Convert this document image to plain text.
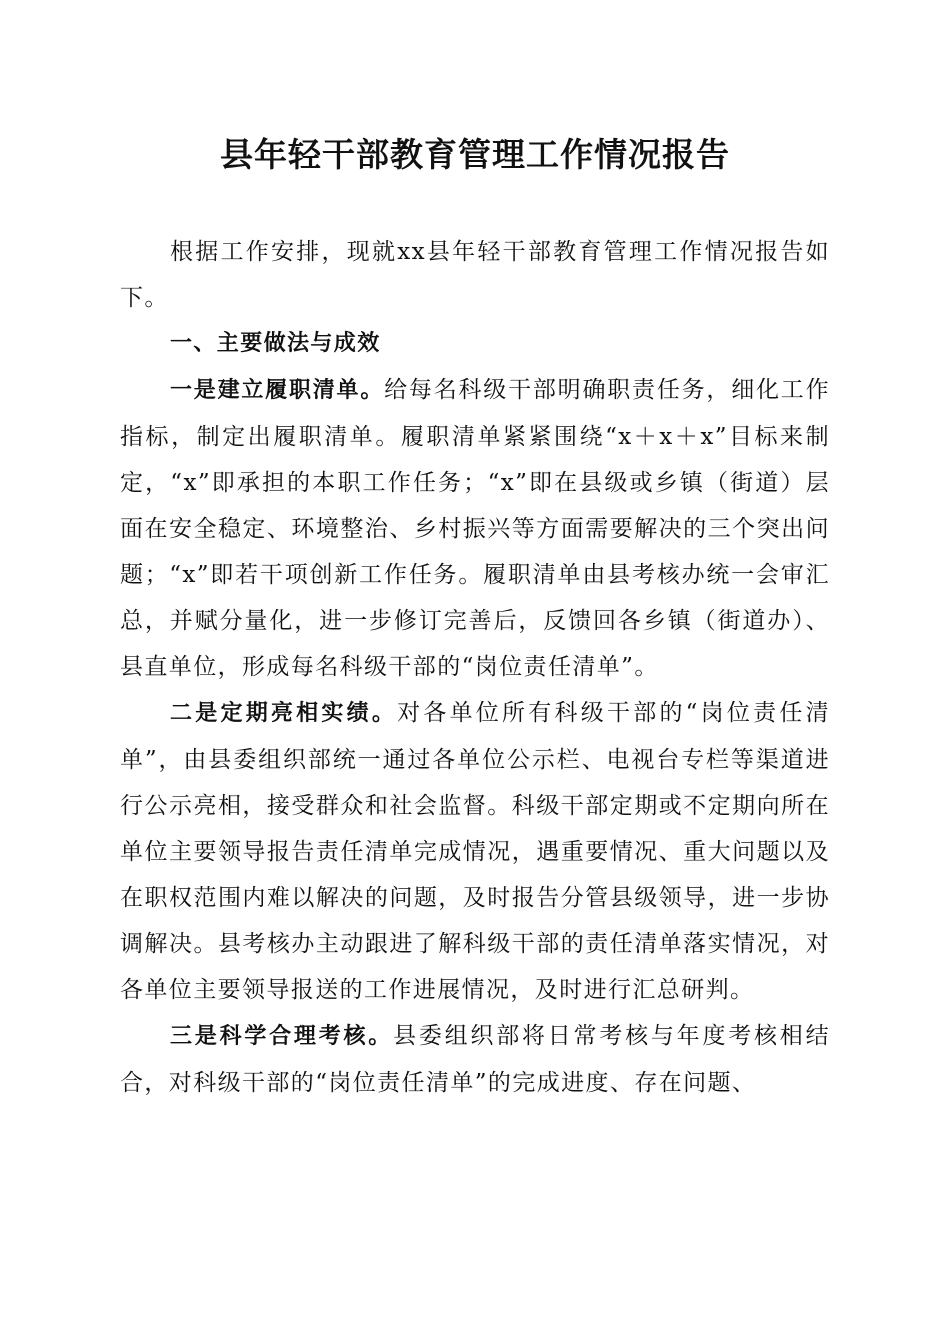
县年轻干部教育管理工作情况报告

根据工作安排，现就xx县年轻干部教育管理工作情况报告如下。

一、主要做法与成效

一是建立履职清单。给每名科级干部明确职责任务，细化工作指标，制定出履职清单。履职清单紧紧围绕“x＋x＋x”目标来制定，“x”即承担的本职工作任务；“x”即在县级或乡镇（街道）层面在安全稳定、环境整治、乡村振兴等方面需要解决的三个突出问题；“x”即若干项创新工作任务。履职清单由县考核办统一会审汇总，并赋分量化，进一步修订完善后，反馈回各乡镇（街道办）、县直单位，形成每名科级干部的“岗位责任清单”。

二是定期亮相实绩。对各单位所有科级干部的“岗位责任清单”，由县委组织部统一通过各单位公示栏、电视台专栏等渠道进行公示亮相，接受群众和社会监督。科级干部定期或不定期向所在单位主要领导报告责任清单完成情况，遇重要情况、重大问题以及在职权范围内难以解决的问题，及时报告分管县级领导，进一步协调解决。县考核办主动跟进了解科级干部的责任清单落实情况，对各单位主要领导报送的工作进展情况，及时进行汇总研判。

三是科学合理考核。县委组织部将日常考核与年度考核相结合，对科级干部的“岗位责任清单”的完成进度、存在问题、
